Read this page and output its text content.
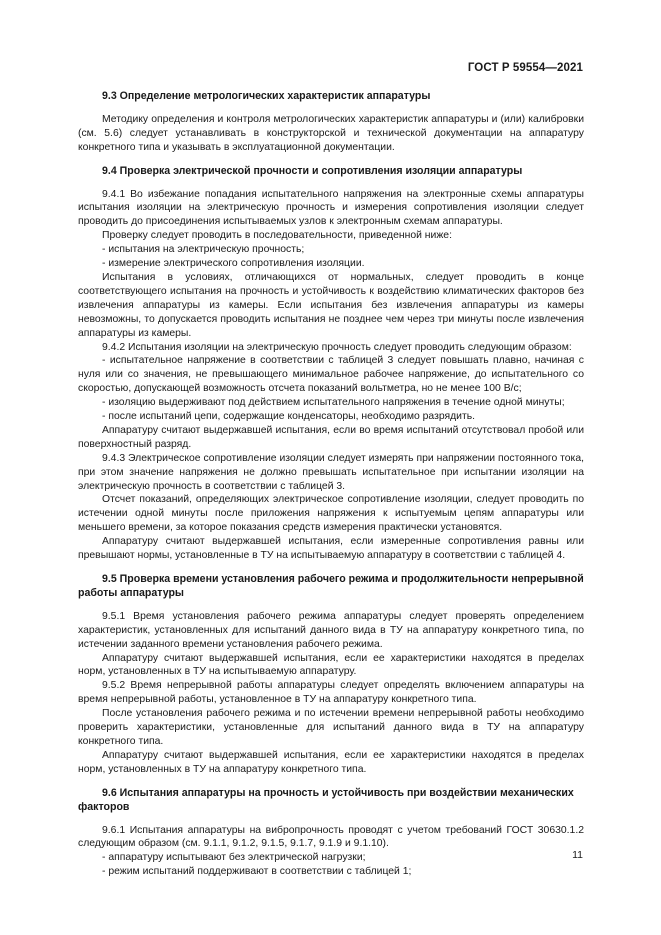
ГОСТ Р 59554—2021
9.3 Определение метрологических характеристик аппаратуры

Методику определения и контроля метрологических характеристик аппаратуры и (или) калибровки (см. 5.6) следует устанавливать в конструкторской и технической документации на аппаратуру конкретного типа и указывать в эксплуатационной документации.

9.4 Проверка электрической прочности и сопротивления изоляции аппаратуры

9.4.1 Во избежание попадания испытательного напряжения на электронные схемы аппаратуры испытания изоляции на электрическую прочность и измерения сопротивления изоляции следует проводить до присоединения испытываемых узлов к электронным схемам аппаратуры.

Проверку следует проводить в последовательности, приведенной ниже:

- испытания на электрическую прочность;

- измерение электрического сопротивления изоляции.

Испытания в условиях, отличающихся от нормальных, следует проводить в конце соответствующего испытания на прочность и устойчивость к воздействию климатических факторов без извлечения аппаратуры из камеры. Если испытания без извлечения аппаратуры из камеры невозможны, то допускается проводить испытания не позднее чем через три минуты после извлечения аппаратуры из камеры.

9.4.2 Испытания изоляции на электрическую прочность следует проводить следующим образом:

- испытательное напряжение в соответствии с таблицей 3 следует повышать плавно, начиная с нуля или со значения, не превышающего минимальное рабочее напряжение, до испытательного со скоростью, допускающей возможность отсчета показаний вольтметра, но не менее 100 В/с;

- изоляцию выдерживают под действием испытательного напряжения в течение одной минуты;

- после испытаний цепи, содержащие конденсаторы, необходимо разрядить.

Аппаратуру считают выдержавшей испытания, если во время испытаний отсутствовал пробой или поверхностный разряд.

9.4.3 Электрическое сопротивление изоляции следует измерять при напряжении постоянного тока, при этом значение напряжения не должно превышать испытательное при испытании изоляции на электрическую прочность в соответствии с таблицей 3.

Отсчет показаний, определяющих электрическое сопротивление изоляции, следует проводить по истечении одной минуты после приложения напряжения к испытуемым цепям аппаратуры или меньшего времени, за которое показания средств измерения практически установятся.

Аппаратуру считают выдержавшей испытания, если измеренные сопротивления равны или превышают нормы, установленные в ТУ на испытываемую аппаратуру в соответствии с таблицей 4.

9.5 Проверка времени установления рабочего режима и продолжительности непрерывной работы аппаратуры

9.5.1 Время установления рабочего режима аппаратуры следует проверять определением характеристик, установленных для испытаний данного вида в ТУ на аппаратуру конкретного типа, по истечении заданного времени установления рабочего режима.

Аппаратуру считают выдержавшей испытания, если ее характеристики находятся в пределах норм, установленных в ТУ на испытываемую аппаратуру.

9.5.2 Время непрерывной работы аппаратуры следует определять включением аппаратуры на время непрерывной работы, установленное в ТУ на аппаратуру конкретного типа.

После установления рабочего режима и по истечении времени непрерывной работы необходимо проверить характеристики, установленные для испытаний данного вида в ТУ на аппаратуру конкретного типа.

Аппаратуру считают выдержавшей испытания, если ее характеристики находятся в пределах норм, установленных в ТУ на аппаратуру конкретного типа.

9.6 Испытания аппаратуры на прочность и устойчивость при воздействии механических факторов

9.6.1 Испытания аппаратуры на вибропрочность проводят с учетом требований ГОСТ 30630.1.2 следующим образом (см. 9.1.1, 9.1.2, 9.1.5, 9.1.7, 9.1.9 и 9.1.10).

- аппаратуру испытывают без электрической нагрузки;

- режим испытаний поддерживают в соответствии с таблицей 1;

11
